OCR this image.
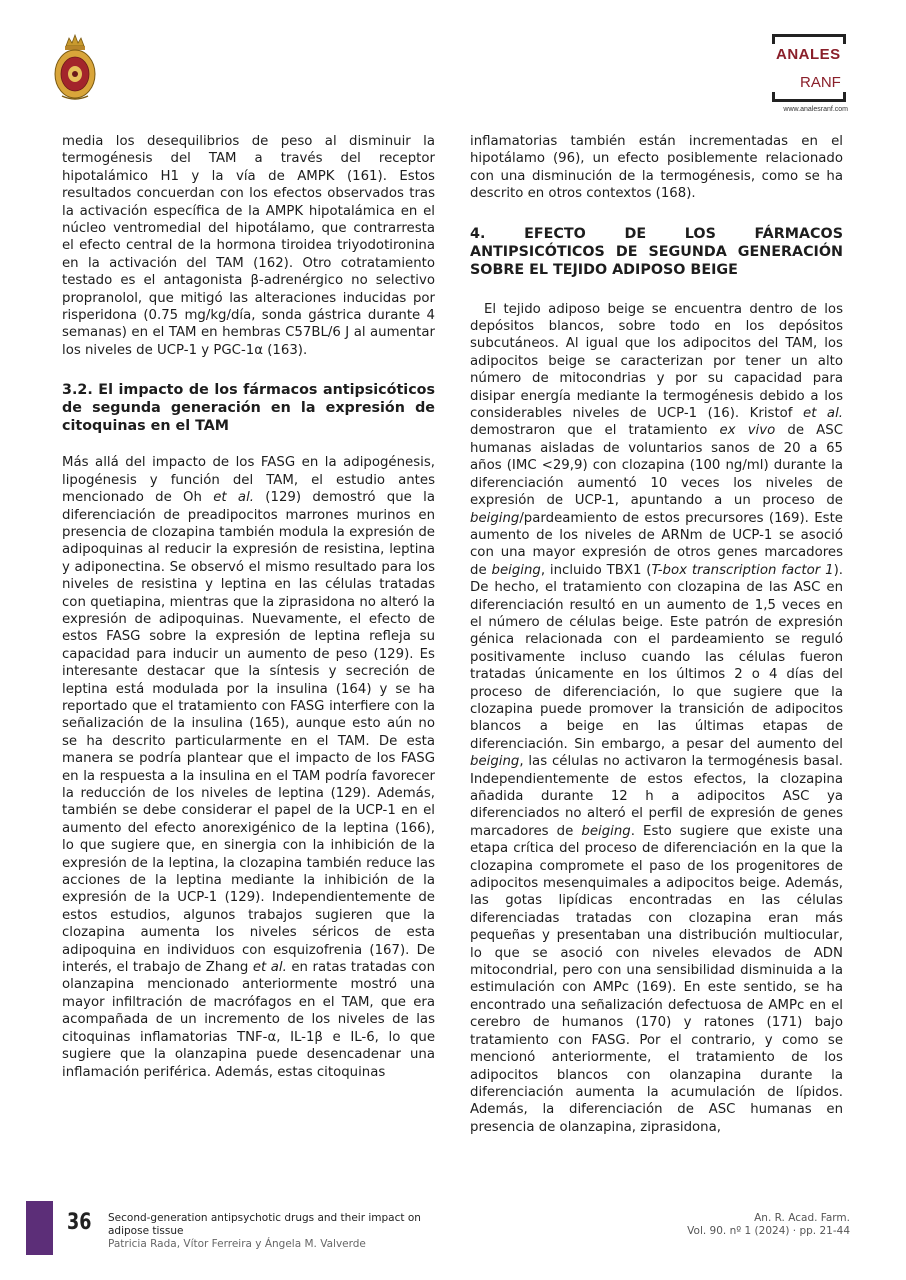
ANALES
RANF
www.analesranf.com

media los desequilibrios de peso al disminuir la termogénesis del TAM a través del receptor hipotalámico H1 y la vía de AMPK (161). Estos resultados concuerdan con los efectos observados tras la activación específica de la AMPK hipotalámica en el núcleo ventromedial del hipotálamo, que contrarresta el efecto central de la hormona tiroidea triyodotironina en la activación del TAM (162). Otro cotratamiento testado es el antagonista β-adrenérgico no selectivo propranolol, que mitigó las alteraciones inducidas por risperidona (0.75 mg/kg/día, sonda gástrica durante 4 semanas) en el TAM en hembras C57BL/6 J al aumentar los niveles de UCP-1 y PGC-1α (163).

3.2. El impacto de los fármacos antipsicóticos de segunda generación en la expresión de citoquinas en el TAM

Más allá del impacto de los FASG en la adipogénesis, lipogénesis y función del TAM, el estudio antes mencionado de Oh et al. (129) demostró que la diferenciación de preadipocitos marrones murinos en presencia de clozapina también modula la expresión de adipoquinas al reducir la expresión de resistina, leptina y adiponectina. Se observó el mismo resultado para los niveles de resistina y leptina en las células tratadas con quetiapina, mientras que la ziprasidona no alteró la expresión de adipoquinas. Nuevamente, el efecto de estos FASG sobre la expresión de leptina refleja su capacidad para inducir un aumento de peso (129). Es interesante destacar que la síntesis y secreción de leptina está modulada por la insulina (164) y se ha reportado que el tratamiento con FASG interfiere con la señalización de la insulina (165), aunque esto aún no se ha descrito particularmente en el TAM. De esta manera se podría plantear que el impacto de los FASG en la respuesta a la insulina en el TAM podría favorecer la reducción de los niveles de leptina (129). Además, también se debe considerar el papel de la UCP-1 en el aumento del efecto anorexigénico de la leptina (166), lo que sugiere que, en sinergia con la inhibición de la expresión de la leptina, la clozapina también reduce las acciones de la leptina mediante la inhibición de la expresión de la UCP-1 (129). Independientemente de estos estudios, algunos trabajos sugieren que la clozapina aumenta los niveles séricos de esta adipoquina en individuos con esquizofrenia (167). De interés, el trabajo de Zhang et al. en ratas tratadas con olanzapina mencionado anteriormente mostró una mayor infiltración de macrófagos en el TAM, que era acompañada de un incremento de los niveles de las citoquinas inflamatorias TNF-α, IL-1β e IL-6, lo que sugiere que la olanzapina puede desencadenar una inflamación periférica. Además, estas citoquinas

inflamatorias también están incrementadas en el hipotálamo (96), un efecto posiblemente relacionado con una disminución de la termogénesis, como se ha descrito en otros contextos (168).

4. EFECTO DE LOS FÁRMACOS ANTIPSICÓTICOS DE SEGUNDA GENERACIÓN SOBRE EL TEJIDO ADIPOSO BEIGE

El tejido adiposo beige se encuentra dentro de los depósitos blancos, sobre todo en los depósitos subcutáneos. Al igual que los adipocitos del TAM, los adipocitos beige se caracterizan por tener un alto número de mitocondrias y por su capacidad para disipar energía mediante la termogénesis debido a los considerables niveles de UCP-1 (16). Kristof et al. demostraron que el tratamiento ex vivo de ASC humanas aisladas de voluntarios sanos de 20 a 65 años (IMC <29,9) con clozapina (100 ng/ml) durante la diferenciación aumentó 10 veces los niveles de expresión de UCP-1, apuntando a un proceso de beiging/pardeamiento de estos precursores (169). Este aumento de los niveles de ARNm de UCP-1 se asoció con una mayor expresión de otros genes marcadores de beiging, incluido TBX1 (T-box transcription factor 1). De hecho, el tratamiento con clozapina de las ASC en diferenciación resultó en un aumento de 1,5 veces en el número de células beige. Este patrón de expresión génica relacionada con el pardeamiento se reguló positivamente incluso cuando las células fueron tratadas únicamente en los últimos 2 o 4 días del proceso de diferenciación, lo que sugiere que la clozapina puede promover la transición de adipocitos blancos a beige en las últimas etapas de diferenciación. Sin embargo, a pesar del aumento del beiging, las células no activaron la termogénesis basal. Independientemente de estos efectos, la clozapina añadida durante 12 h a adipocitos ASC ya diferenciados no alteró el perfil de expresión de genes marcadores de beiging. Esto sugiere que existe una etapa crítica del proceso de diferenciación en la que la clozapina compromete el paso de los progenitores de adipocitos mesenquimales a adipocitos beige. Además, las gotas lipídicas encontradas en las células diferenciadas tratadas con clozapina eran más pequeñas y presentaban una distribución multiocular, lo que se asoció con niveles elevados de ADN mitocondrial, pero con una sensibilidad disminuida a la estimulación con AMPc (169). En este sentido, se ha encontrado una señalización defectuosa de AMPc en el cerebro de humanos (170) y ratones (171) bajo tratamiento con FASG. Por el contrario, y como se mencionó anteriormente, el tratamiento de los adipocitos blancos con olanzapina durante la diferenciación aumenta la acumulación de lípidos. Además, la diferenciación de ASC humanas en presencia de olanzapina, ziprasidona,

36 Second-generation antipsychotic drugs and their impact on adipose tissue
Patricia Rada, Vítor Ferreira y Ángela M. Valverde
An. R. Acad. Farm.
Vol. 90. nº 1 (2024) · pp. 21-44
